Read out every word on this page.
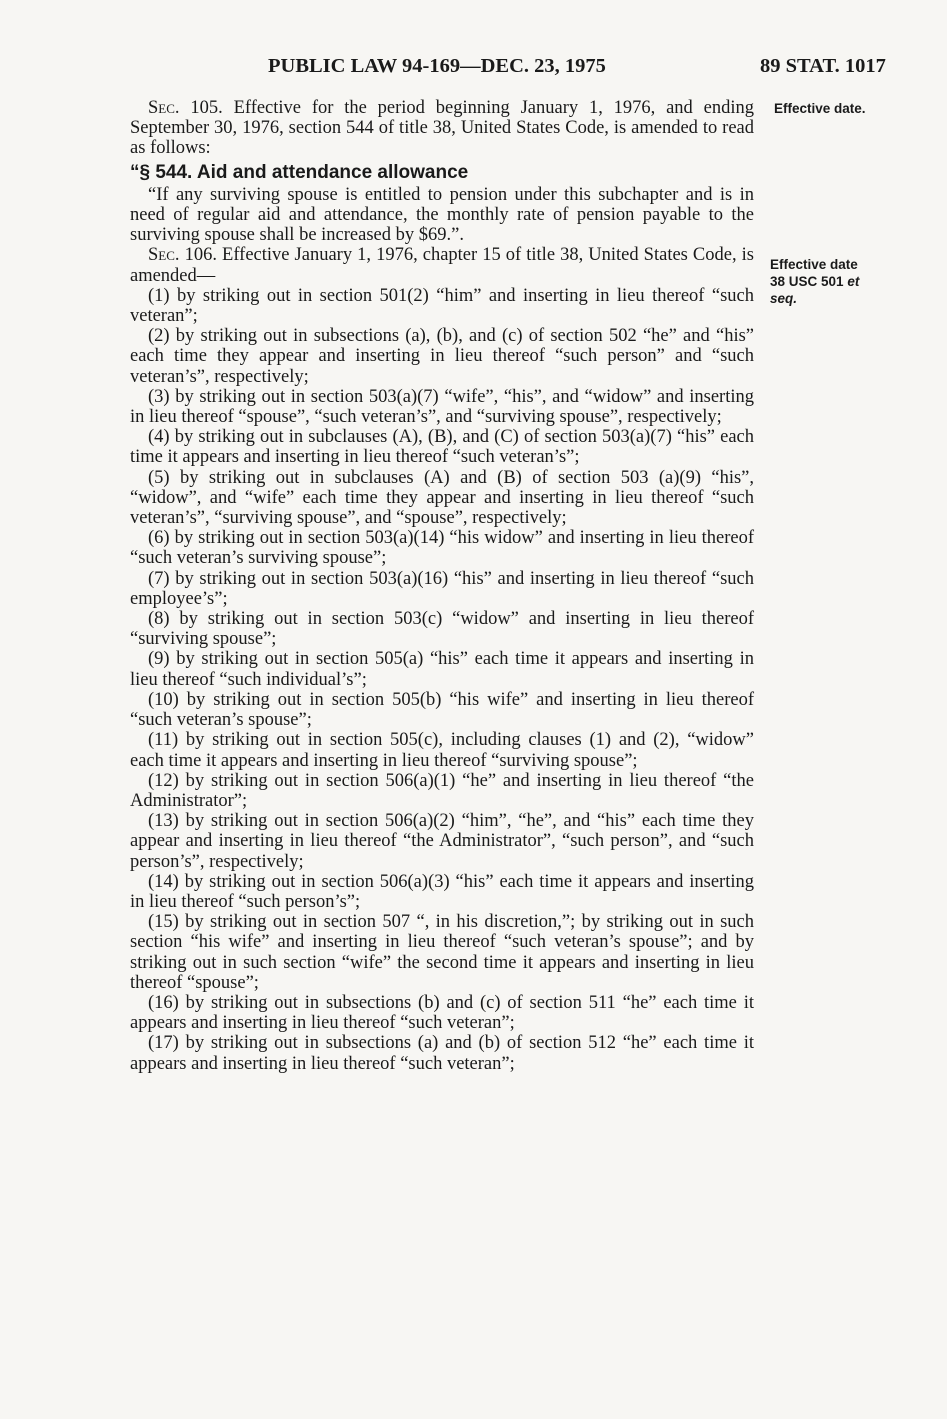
PUBLIC LAW 94-169—DEC. 23, 1975	89 STAT. 1017
Effective date.
Effective date
38 USC 501 et
seq.

Sec. 105. Effective for the period beginning January 1, 1976, and ending September 30, 1976, section 544 of title 38, United States Code, is amended to read as follows:

“§ 544. Aid and attendance allowance

“If any surviving spouse is entitled to pension under this subchapter and is in need of regular aid and attendance, the monthly rate of pension payable to the surviving spouse shall be increased by $69.”.

Sec. 106. Effective January 1, 1976, chapter 15 of title 38, United States Code, is amended—

(1) by striking out in section 501(2) “him” and inserting in lieu thereof “such veteran”;

(2) by striking out in subsections (a), (b), and (c) of section 502 “he” and “his” each time they appear and inserting in lieu thereof “such person” and “such veteran’s”, respectively;

(3) by striking out in section 503(a)(7) “wife”, “his”, and “widow” and inserting in lieu thereof “spouse”, “such veteran’s”, and “surviving spouse”, respectively;

(4) by striking out in subclauses (A), (B), and (C) of section 503(a)(7) “his” each time it appears and inserting in lieu thereof “such veteran’s”;

(5) by striking out in subclauses (A) and (B) of section 503 (a)(9) “his”, “widow”, and “wife” each time they appear and inserting in lieu thereof “such veteran’s”, “surviving spouse”, and “spouse”, respectively;

(6) by striking out in section 503(a)(14) “his widow” and inserting in lieu thereof “such veteran’s surviving spouse”;

(7) by striking out in section 503(a)(16) “his” and inserting in lieu thereof “such employee’s”;

(8) by striking out in section 503(c) “widow” and inserting in lieu thereof “surviving spouse”;

(9) by striking out in section 505(a) “his” each time it appears and inserting in lieu thereof “such individual’s”;

(10) by striking out in section 505(b) “his wife” and inserting in lieu thereof “such veteran’s spouse”;

(11) by striking out in section 505(c), including clauses (1) and (2), “widow” each time it appears and inserting in lieu thereof “surviving spouse”;

(12) by striking out in section 506(a)(1) “he” and inserting in lieu thereof “the Administrator”;

(13) by striking out in section 506(a)(2) “him”, “he”, and “his” each time they appear and inserting in lieu thereof “the Administrator”, “such person”, and “such person’s”, respectively;

(14) by striking out in section 506(a)(3) “his” each time it appears and inserting in lieu thereof “such person’s”;

(15) by striking out in section 507 “, in his discretion,”; by striking out in such section “his wife” and inserting in lieu thereof “such veteran’s spouse”; and by striking out in such section “wife” the second time it appears and inserting in lieu thereof “spouse”;

(16) by striking out in subsections (b) and (c) of section 511 “he” each time it appears and inserting in lieu thereof “such veteran”;

(17) by striking out in subsections (a) and (b) of section 512 “he” each time it appears and inserting in lieu thereof “such veteran”;
